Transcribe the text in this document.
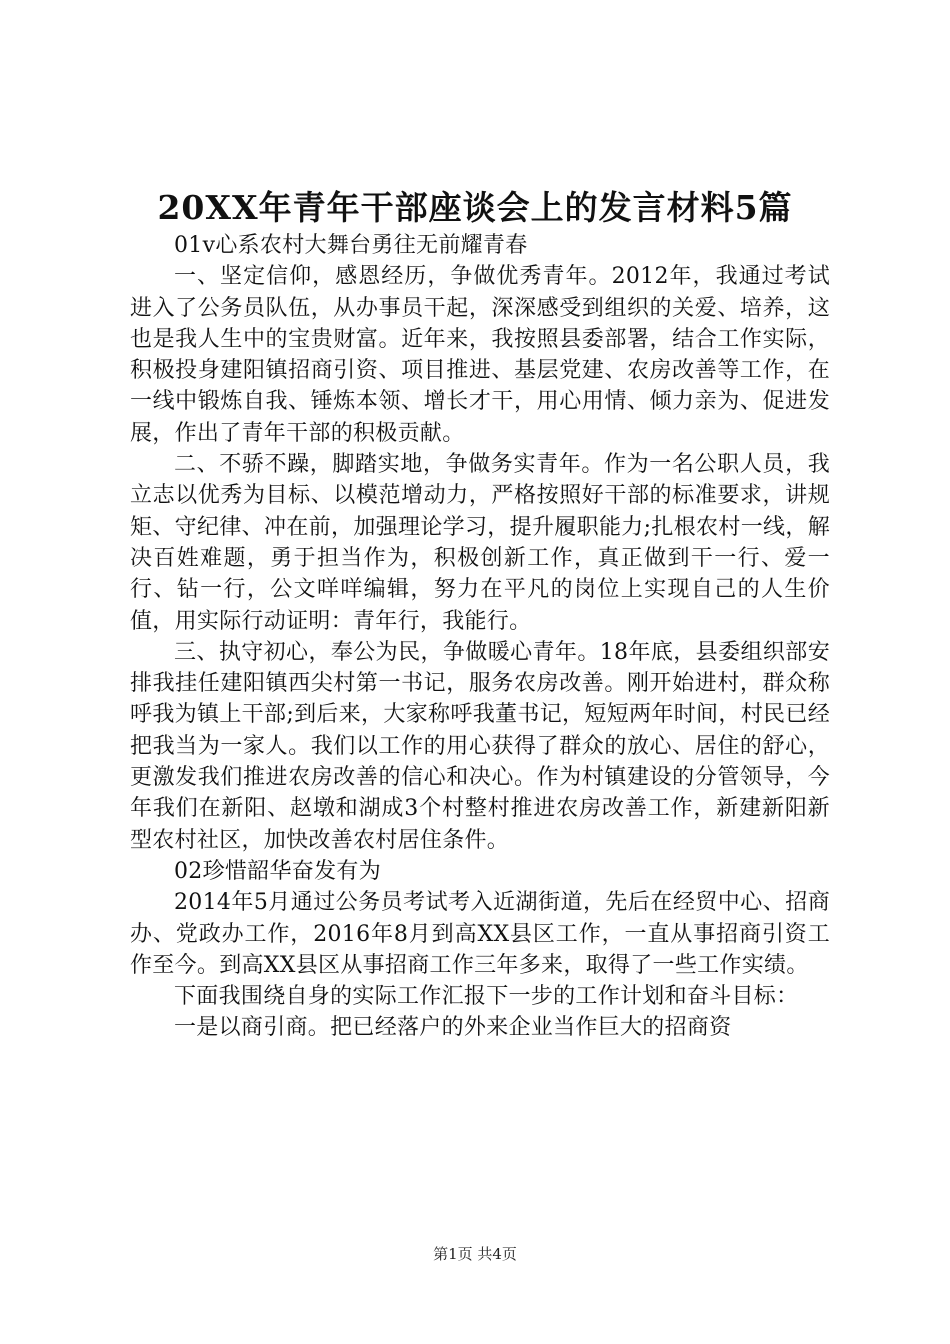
20XX年青年干部座谈会上的发言材料5篇

01v心系农村大舞台勇往无前耀青春

一、坚定信仰，感恩经历，争做优秀青年。2012年，我通过考试进入了公务员队伍，从办事员干起，深深感受到组织的关爱、培养，这也是我人生中的宝贵财富。近年来，我按照县委部署，结合工作实际，积极投身建阳镇招商引资、项目推进、基层党建、农房改善等工作，在一线中锻炼自我、锤炼本领、增长才干，用心用情、倾力亲为、促进发展，作出了青年干部的积极贡献。

二、不骄不躁，脚踏实地，争做务实青年。作为一名公职人员，我立志以优秀为目标、以模范增动力，严格按照好干部的标准要求，讲规矩、守纪律、冲在前，加强理论学习，提升履职能力;扎根农村一线，解决百姓难题，勇于担当作为，积极创新工作，真正做到干一行、爱一行、钻一行，公文咩咩编辑，努力在平凡的岗位上实现自己的人生价值，用实际行动证明：青年行，我能行。

三、执守初心，奉公为民，争做暖心青年。18年底，县委组织部安排我挂任建阳镇西尖村第一书记，服务农房改善。刚开始进村，群众称呼我为镇上干部;到后来，大家称呼我董书记，短短两年时间，村民已经把我当为一家人。我们以工作的用心获得了群众的放心、居住的舒心，更激发我们推进农房改善的信心和决心。作为村镇建设的分管领导，今年我们在新阳、赵墩和湖成3个村整村推进农房改善工作，新建新阳新型农村社区，加快改善农村居住条件。

02珍惜韶华奋发有为

2014年5月通过公务员考试考入近湖街道，先后在经贸中心、招商办、党政办工作，2016年8月到高XX县区工作，一直从事招商引资工作至今。到高XX县区从事招商工作三年多来，取得了一些工作实绩。

下面我围绕自身的实际工作汇报下一步的工作计划和奋斗目标：

一是以商引商。把已经落户的外来企业当作巨大的招商资

第1页 共4页
